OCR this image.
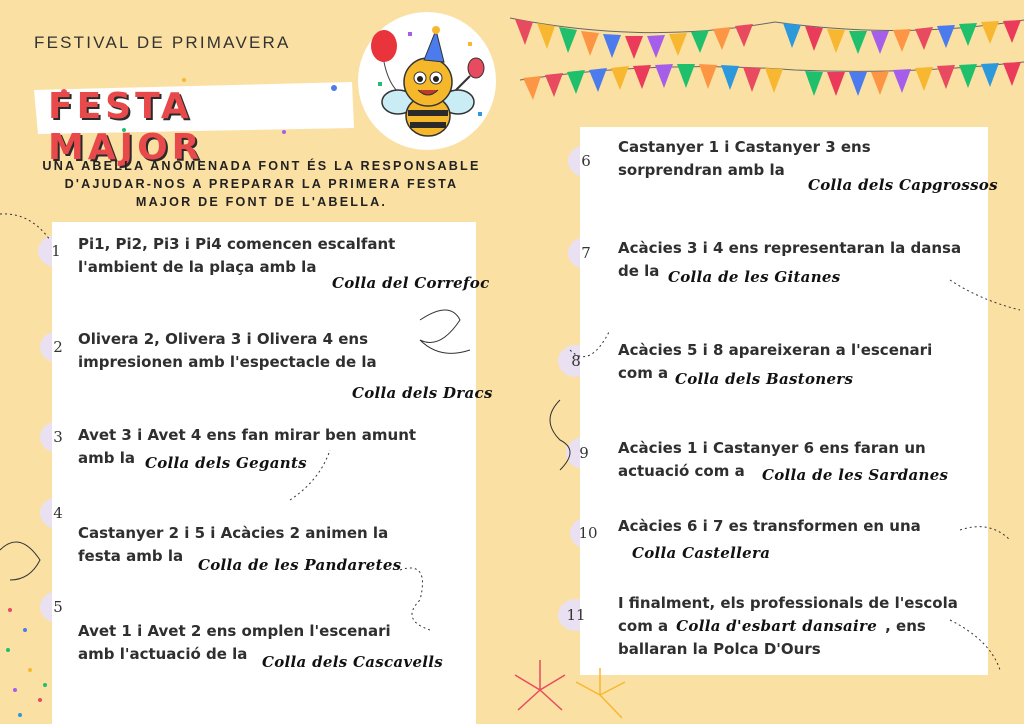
FESTIVAL DE PRIMAVERA
FESTA MAJOR
UNA ABELLA ANOMENADA FONT ÉS LA RESPONSABLE D'AJUDAR-NOS A PREPARAR LA PRIMERA FESTA MAJOR DE FONT DE L'ABELLA.
1	Pi1, Pi2, Pi3 i Pi4 comencen escalfant
l'ambient de la plaça amb la
Colla del Correfoc
2	Olivera 2, Olivera 3 i Olivera 4 ens
impresionen amb l'espectacle de la
Colla dels Dracs
3	Avet 3 i Avet 4 ens fan mirar ben amunt
amb la Colla dels Gegants
4
Castanyer 2 i 5 i Acàcies 2 animen la
festa amb la Colla de les Pandaretes
5
Avet 1 i Avet 2 ens omplen l'escenari
amb l'actuació de la Colla dels Cascavells
6
Castanyer 1 i Castanyer 3 ens
sorprendran amb la
Colla dels Capgrossos
7	Acàcies 3 i 4 ens representaran la dansa
de la Colla de les Gitanes
8
Acàcies 5 i 8 apareixeran a l'escenari
com a Colla dels Bastoners
9	Acàcies 1 i Castanyer 6 ens faran un
actuació com a	Colla de les Sardanes
10 Acàcies 6 i 7 es transformen en una
Colla Castellera
11
I finalment, els professionals de l'escola
com a Colla d'esbart dansaire , ens
ballaran la Polca D'Ours
